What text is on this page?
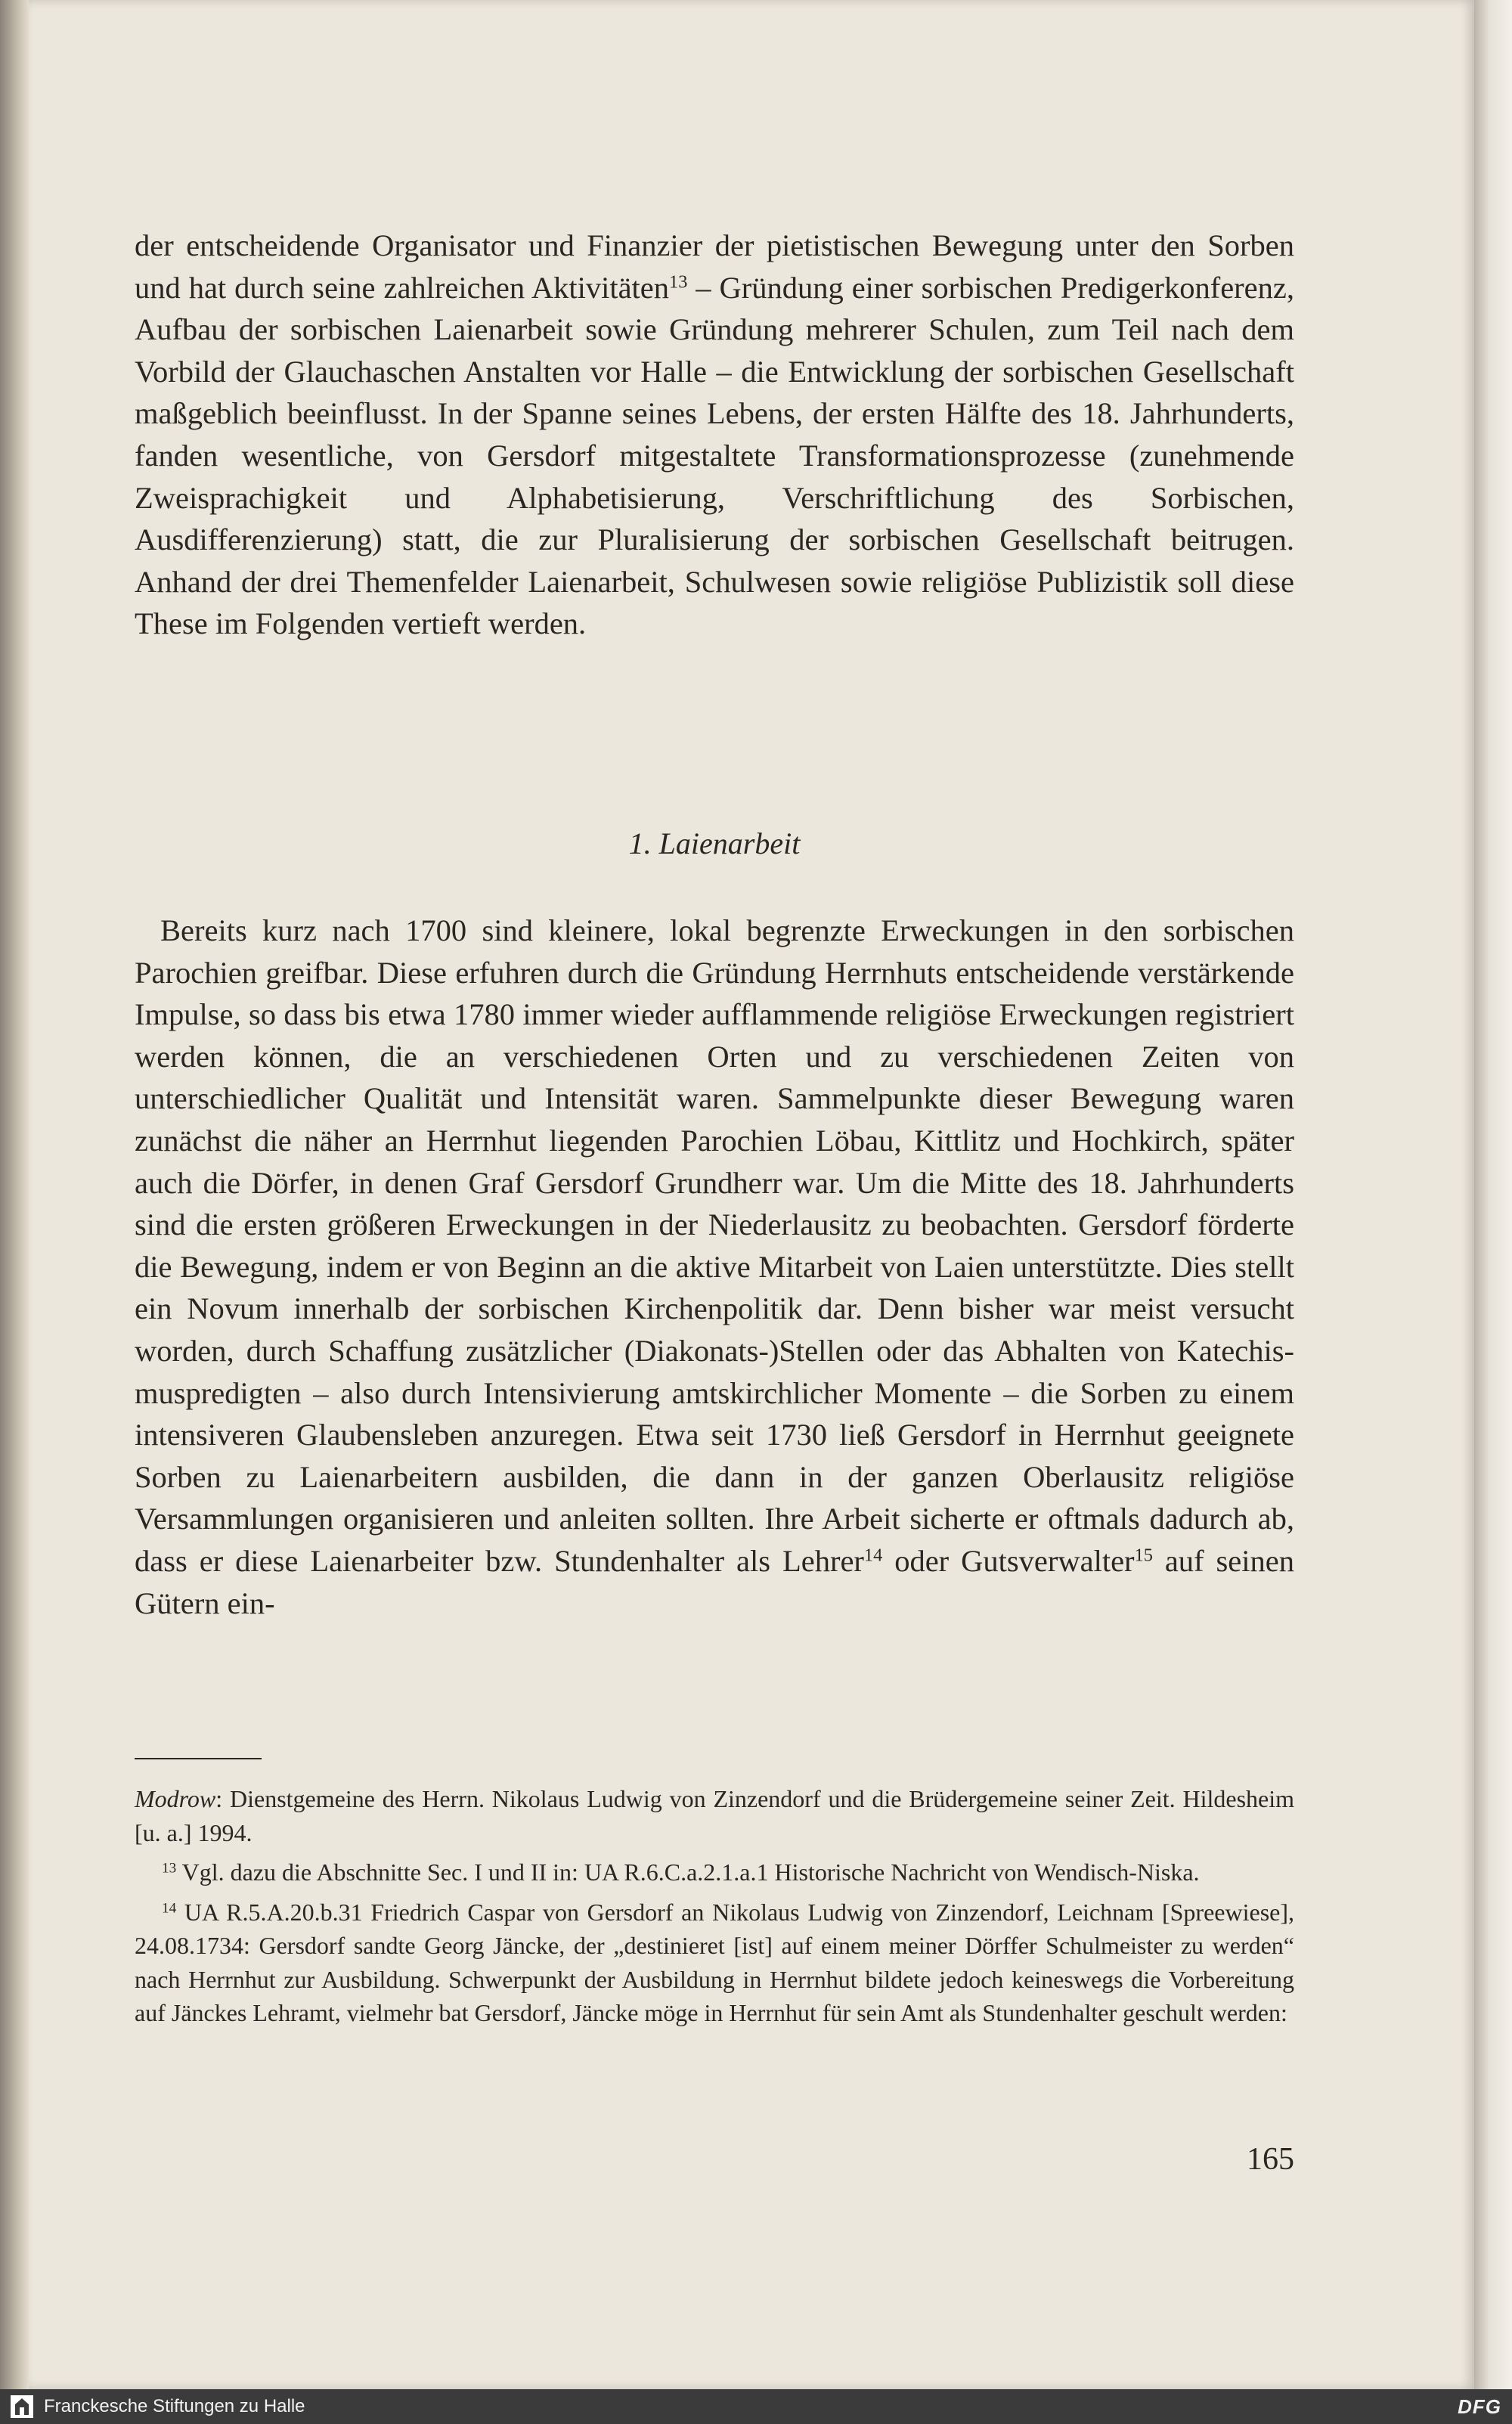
der entscheidende Organisator und Finanzier der pietistischen Bewegung unter den Sorben und hat durch seine zahlreichen Aktivitäten$^{13}$ – Gründung einer sorbischen Predigerkonferenz, Aufbau der sorbischen Laienarbeit sowie Gründung mehrerer Schulen, zum Teil nach dem Vorbild der Glauchaschen Anstalten vor Halle – die Entwicklung der sorbischen Gesellschaft maßgeblich beeinflusst. In der Spanne seines Lebens, der ersten Hälfte des 18. Jahrhunderts, fanden wesentliche, von Gersdorf mitgestaltete Transformationsprozesse (zunehmende Zweisprachigkeit und Alphabetisierung, Verschriftlichung des Sorbischen, Ausdifferenzierung) statt, die zur Pluralisierung der sorbischen Gesellschaft beitrugen. Anhand der drei Themenfelder Laienarbeit, Schulwesen sowie religiöse Publizistik soll diese These im Folgenden vertieft werden.

1. Laienarbeit

Bereits kurz nach 1700 sind kleinere, lokal begrenzte Erweckungen in den sorbischen Parochien greifbar. Diese erfuhren durch die Gründung Herrnhuts entscheidende verstärkende Impulse, so dass bis etwa 1780 immer wieder aufflammende religiöse Erweckungen registriert werden können, die an verschiedenen Orten und zu verschiedenen Zeiten von unterschiedlicher Qualität und Intensität waren. Sammelpunkte dieser Bewegung waren zunächst die näher an Herrnhut liegenden Parochien Löbau, Kittlitz und Hochkirch, später auch die Dörfer, in denen Graf Gersdorf Grundherr war. Um die Mitte des 18. Jahrhunderts sind die ersten größeren Erweckungen in der Niederlausitz zu beobachten. Gersdorf förderte die Bewegung, indem er von Beginn an die aktive Mitarbeit von Laien unterstützte. Dies stellt ein Novum innerhalb der sorbischen Kirchenpolitik dar. Denn bisher war meist versucht worden, durch Schaffung zusätzlicher (Diakonats-)Stellen oder das Abhalten von Katechismuspredigten – also durch Intensivierung amtskirchlicher Momente – die Sorben zu einem intensiveren Glaubensleben anzuregen. Etwa seit 1730 ließ Gersdorf in Herrnhut geeignete Sorben zu Laienarbeitern ausbilden, die dann in der ganzen Oberlausitz religiöse Versammlungen organisieren und anleiten sollten. Ihre Arbeit sicherte er oftmals dadurch ab, dass er diese Laienarbeiter bzw. Stundenhalter als Lehrer$^{14}$ oder Gutsverwalter$^{15}$ auf seinen Gütern ein-

Modrow: Dienstgemeine des Herrn. Nikolaus Ludwig von Zinzendorf und die Brüdergemeine seiner Zeit. Hildesheim [u. a.] 1994.

$^{13}$ Vgl. dazu die Abschnitte Sec. I und II in: UA R.6.C.a.2.1.a.1 Historische Nachricht von Wendisch-Niska.

$^{14}$ UA R.5.A.20.b.31 Friedrich Caspar von Gersdorf an Nikolaus Ludwig von Zinzendorf, Leichnam [Spreewiese], 24.08.1734: Gersdorf sandte Georg Jäncke, der „destinieret [ist] auf einem meiner Dörffer Schulmeister zu werden“ nach Herrnhut zur Ausbildung. Schwerpunkt der Ausbildung in Herrnhut bildete jedoch keineswegs die Vorbereitung auf Jänckes Lehramt, vielmehr bat Gersdorf, Jäncke möge in Herrnhut für sein Amt als Stundenhalter geschult werden:

165
Franckesche Stiftungen zu Halle	DFG
